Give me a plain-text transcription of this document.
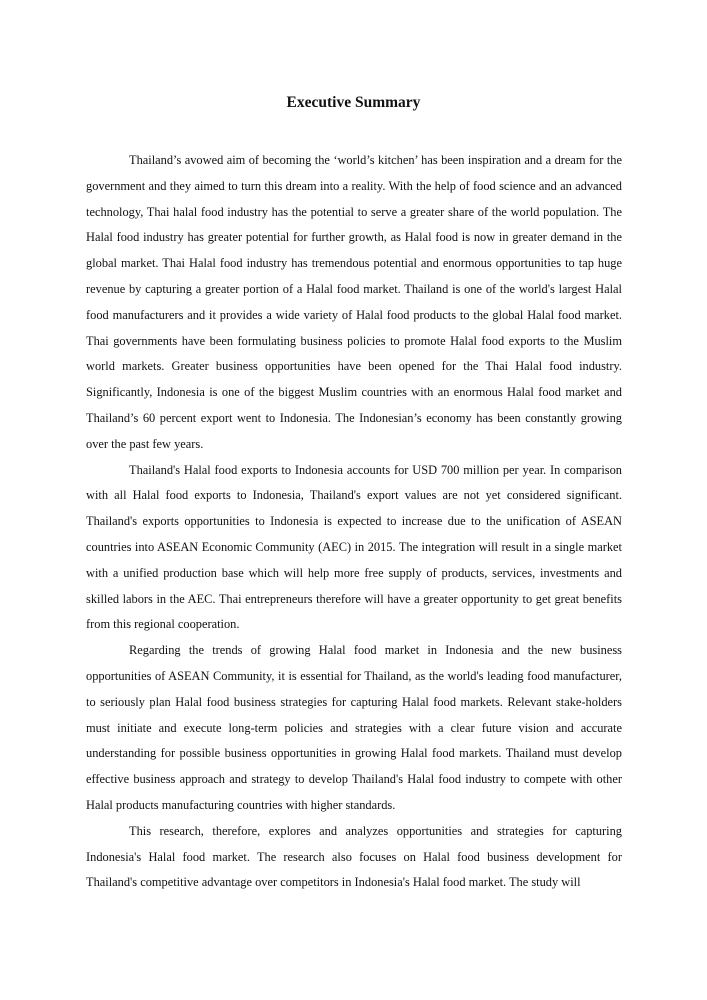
Executive Summary

Thailand’s avowed aim of becoming the ‘world’s kitchen’ has been inspiration and a dream for the government and they aimed to turn this dream into a reality. With the help of food science and an advanced technology, Thai halal food industry has the potential to serve a greater share of the world population. The Halal food industry has greater potential for further growth, as Halal food is now in greater demand in the global market. Thai Halal food industry has tremendous potential and enormous opportunities to tap huge revenue by capturing a greater portion of a Halal food market. Thailand is one of the world's largest Halal food manufacturers and it provides a wide variety of Halal food products to the global Halal food market. Thai governments have been formulating business policies to promote Halal food exports to the Muslim world markets. Greater business opportunities have been opened for the Thai Halal food industry. Significantly, Indonesia is one of the biggest Muslim countries with an enormous Halal food market and Thailand’s 60 percent export went to Indonesia. The Indonesian’s economy has been constantly growing over the past few years.

Thailand's Halal food exports to Indonesia accounts for USD 700 million per year. In comparison with all Halal food exports to Indonesia, Thailand's export values are not yet considered significant. Thailand's exports opportunities to Indonesia is expected to increase due to the unification of ASEAN countries into ASEAN Economic Community (AEC) in 2015. The integration will result in a single market with a unified production base which will help more free supply of products, services, investments and skilled labors in the AEC. Thai entrepreneurs therefore will have a greater opportunity to get great benefits from this regional cooperation.

Regarding the trends of growing Halal food market in Indonesia and the new business opportunities of ASEAN Community, it is essential for Thailand, as the world's leading food manufacturer, to seriously plan Halal food business strategies for capturing Halal food markets. Relevant stake-holders must initiate and execute long-term policies and strategies with a clear future vision and accurate understanding for possible business opportunities in growing Halal food markets. Thailand must develop effective business approach and strategy to develop Thailand's Halal food industry to compete with other Halal products manufacturing countries with higher standards.

This research, therefore, explores and analyzes opportunities and strategies for capturing Indonesia's Halal food market. The research also focuses on Halal food business development for Thailand's competitive advantage over competitors in Indonesia's Halal food market. The study will
